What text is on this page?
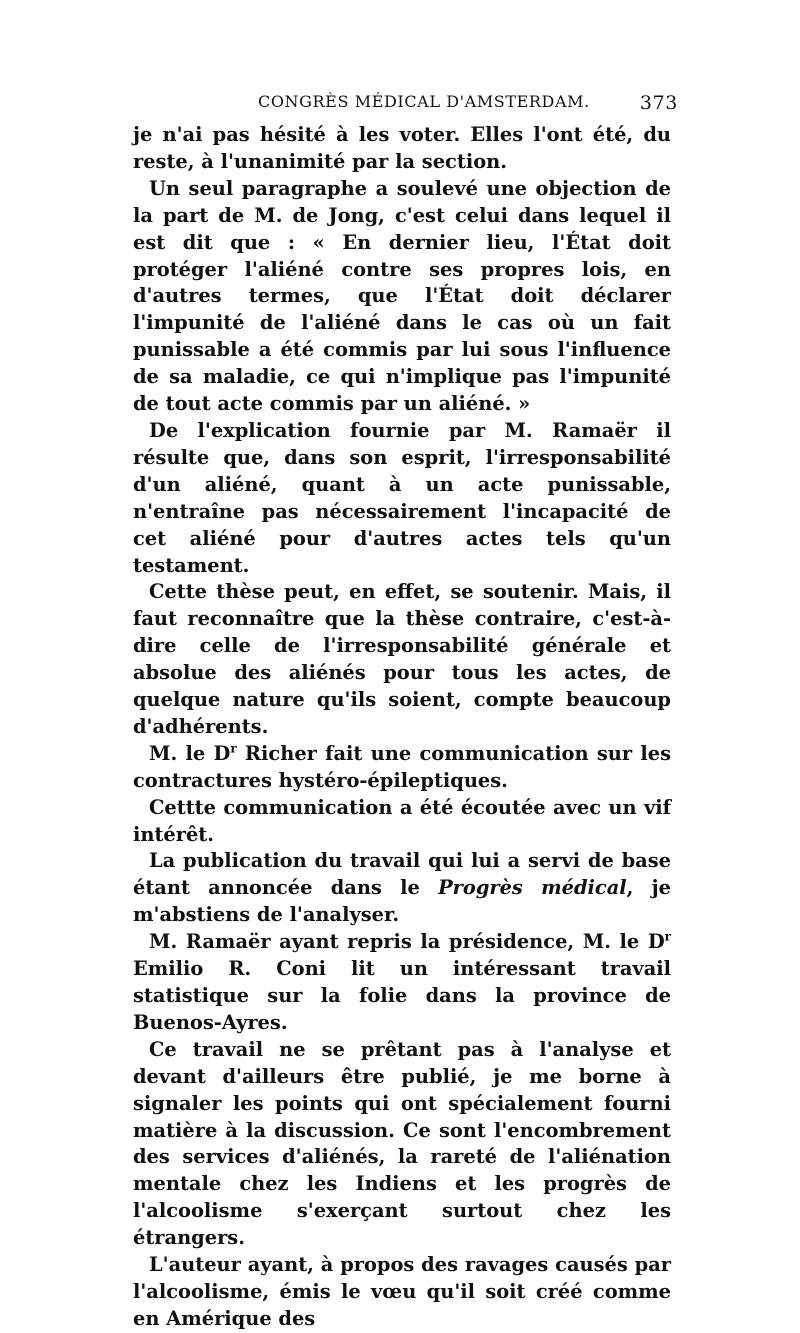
CONGRÈS MÉDICAL D'AMSTERDAM.	373

je n'ai pas hésité à les voter. Elles l'ont été, du reste, à l'unanimité par la section.

Un seul paragraphe a soulevé une objection de la part de M. de Jong, c'est celui dans lequel il est dit que : « En dernier lieu, l'État doit protéger l'aliéné contre ses propres lois, en d'autres termes, que l'État doit déclarer l'impunité de l'aliéné dans le cas où un fait punissable a été commis par lui sous l'influence de sa maladie, ce qui n'implique pas l'impunité de tout acte commis par un aliéné. »

De l'explication fournie par M. Ramaër il résulte que, dans son esprit, l'irresponsabilité d'un aliéné, quant à un acte punissable, n'entraîne pas nécessairement l'incapacité de cet aliéné pour d'autres actes tels qu'un testament.

Cette thèse peut, en effet, se soutenir. Mais, il faut reconnaître que la thèse contraire, c'est-à-dire celle de l'irresponsabilité générale et absolue des aliénés pour tous les actes, de quelque nature qu'ils soient, compte beaucoup d'adhérents.

M. le $D^r$ Richer fait une communication sur les contractures hystéro-épileptiques.

Cettte communication a été écoutée avec un vif intérêt.

La publication du travail qui lui a servi de base étant annoncée dans le Progrès médical, je m'abstiens de l'analyser.

M. Ramaër ayant repris la présidence, M. le $D^r$ Emilio R. Coni lit un intéressant travail statistique sur la folie dans la province de Buenos-Ayres.

Ce travail ne se prêtant pas à l'analyse et devant d'ailleurs être publié, je me borne à signaler les points qui ont spécialement fourni matière à la discussion. Ce sont l'encombrement des services d'aliénés, la rareté de l'aliénation mentale chez les Indiens et les progrès de l'alcoolisme s'exerçant surtout chez les étrangers.

L'auteur ayant, à propos des ravages causés par l'alcoolisme, émis le vœu qu'il soit créé comme en Amérique des
